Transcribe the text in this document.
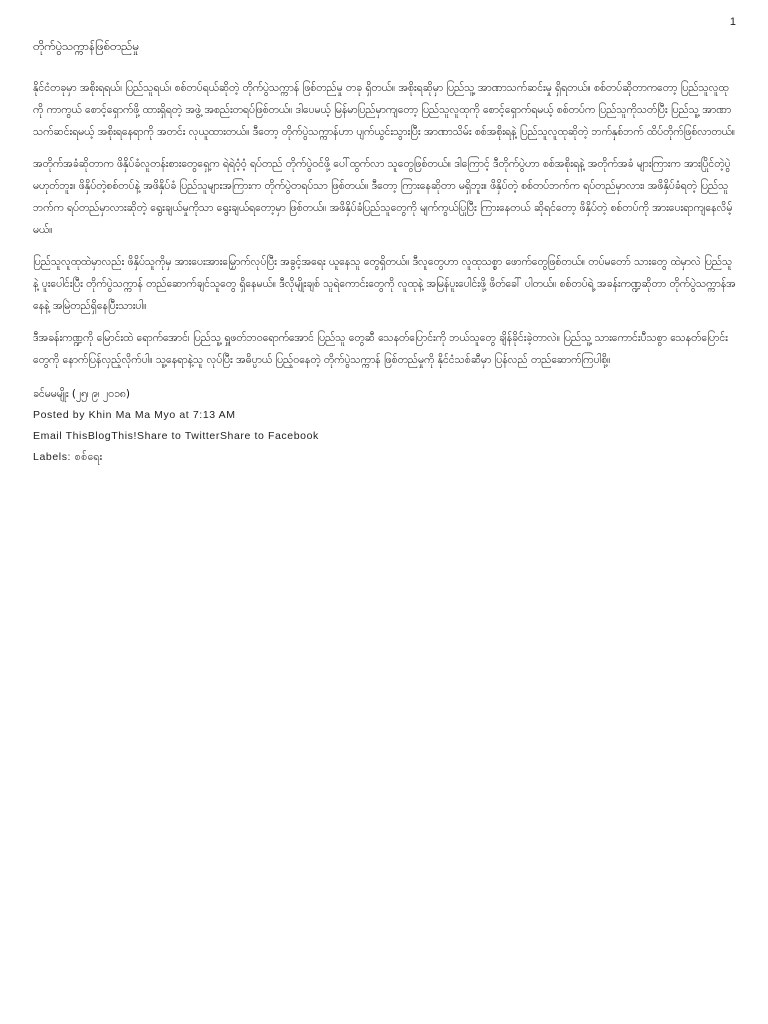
1
တိုက်ပွဲသက္ကာန်ဖြစ်တည်မှု

နိုင်ငံတခုမှာ အစိုးရရယ်၊ ပြည်သူရယ်၊ စစ်တပ်ရယ်ဆိုတဲ့ တိုက်ပွဲသက္ကာန် ဖြစ်တည်မှု တခု ရှိတယ်။ အစိုးရဆိုမှာ ပြည်သူ့ အာဏာသက်ဆင်းမှု ရှိရတယ်။ စစ်တပ်ဆိုတာကတော့ ပြည်သူလူထုကို ကာကွယ် စောင့်ရှောက်ဖို့ ထားရှိရတဲ့ အဖွဲ့ အစည်းတရပ်ဖြစ်တယ်။ ဒါပေမယ့် မြန်မာပြည်မှာကျတော့ ပြည်သူလူထုကို စောင့်ရှောက်ရမယ့် စစ်တပ်က ပြည်သူကိုသတ်ပြီး ပြည်သူ့ အာဏာသက်ဆင်းရမယ့် အစိုးရနေရာကို အတင်း လုယူထားတယ်။ ဒီတော့ တိုက်ပွဲသက္ကာန်ဟာ ပျက်ယွင်းသွားပြီး အာဏာသိမ်း စစ်အစိုးရနဲ့ ပြည်သူလူထုဆိုတဲ့ ဘက်နှစ်ဘက် ထိပ်တိုက်ဖြစ်လာတယ်။

အတိုက်အခံဆိုတာက ဖိနှိပ်ခံလူတန်းစားတွေရှေ့က ရဲရဲဝံ့ဝံ့ ရပ်တည် တိုက်ပွဲဝင်ဖို့ ပေါ်ထွက်လာ သူတွေဖြစ်တယ်။ ဒါကြောင့် ဒီတိုက်ပွဲဟာ စစ်အစိုးရနဲ့ အတိုက်အခံ များကြားက အားပြိုင်တဲ့ပွဲ မဟုတ်ဘူး။ ဖိနှိပ်တဲ့စစ်တပ်နဲ့ အဖိနှိပ်ခံ ပြည်သူများအကြားက တိုက်ပွဲတရပ်သာ ဖြစ်တယ်။ ဒီတော့ ကြားနေဆိုတာ မရှိဘူး။ ဖိနှိပ်တဲ့ စစ်တပ်ဘက်က ရပ်တည်မှာလား၊ အဖိနှိပ်ခံရတဲ့ ပြည်သူဘက်က ရပ်တည်မှာလားဆိုတဲ့ ရွေးချယ်မှုကိုသာ ရွေးချယ်ရတော့မှာ ဖြစ်တယ်။ အဖိနှိပ်ခံပြည်သူတွေကို မျက်ကွယ်ပြုပြီး ကြားနေတယ် ဆိုရင်တော့ ဖိနှိပ်တဲ့ စစ်တပ်ကို အားပေးရာကျနေလိမ့်မယ်။

ပြည်သူလူထုထဲမှာလည်း ဖိနှိပ်သူကိုမှ အားပေးအားမြှောက်လုပ်ပြီး အခွင့်အရေး ယူနေသူ တွေရှိတယ်။ ဒီလူတွေဟာ လူထုသစ္စာ ဖောက်တွေဖြစ်တယ်။ တပ်မတော် သားတွေ ထဲမှာလဲ ပြည်သူနဲ့ ပူးပေါင်းပြီး တိုက်ပွဲသက္ကာန် တည်ဆောက်ချင်သူတွေ ရှိနေမယ်။ ဒီလိုမျိုးချစ် သူရဲကောင်းတွေကို လူထုနဲ့ အမြန်ပူးပေါင်းဖို့ ဖိတ်ခေါ် ပါတယ်။ စစ်တပ်ရဲ့ အခန်းကဏ္ဍဆိုတာ တိုက်ပွဲသက္ကာန်အနေနဲ့ အမြဲတည်ရှိနေပြီးသားပါ။

ဒီအခန်းကဏ္ဍကို မြောင်းထဲ ရောက်အောင်၊ ပြည်သူ့ ရှူဖတ်ဘဝရောက်အောင် ပြည်သူ တွေဆီ သေနတ်ပြောင်းကို ဘယ်သူတွေ ချိန်ခိုင်းခဲ့တာလဲ။ ပြည်သူ့ သားကောင်းပီသစွာ သေနတ်ပြောင်းတွေကို နောက်ပြန်လှည့်လိုက်ပါ။ သူ့နေရာနဲ့သူ လုပ်ပြီး အဓိပ္ပာယ် ပြည့်ဝနေတဲ့ တိုက်ပွဲသက္ကာန် ဖြစ်တည်မှုကို နိုင်ငံသစ်ဆီမှာ ပြန်လည် တည်ဆောက်ကြပါစို့။

ခင်မမမျိုး (၂၅၊ ၉၊ ၂၀၁၈)
Posted by Khin Ma Ma Myo at 7:13 AM
Email ThisBlogThis!Share to TwitterShare to Facebook
Labels: စစ်ရေး
